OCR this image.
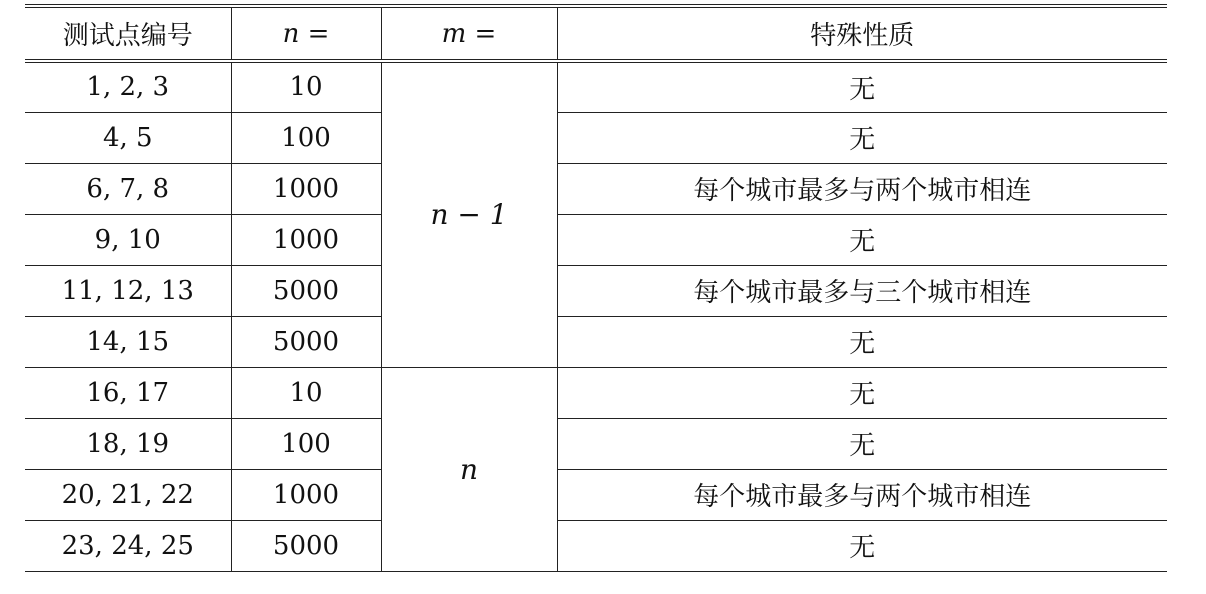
测试点编号	n =	m =	特殊性质
1, 2, 3	10	n − 1	无
4, 5	100		无
6, 7, 8	1000		每个城市最多与两个城市相连
9, 10	1000		无
11, 12, 13	5000		每个城市最多与三个城市相连
14, 15	5000		无
16, 17	10	n	无
18, 19	100		无
20, 21, 22	1000		每个城市最多与两个城市相连
23, 24, 25	5000		无
